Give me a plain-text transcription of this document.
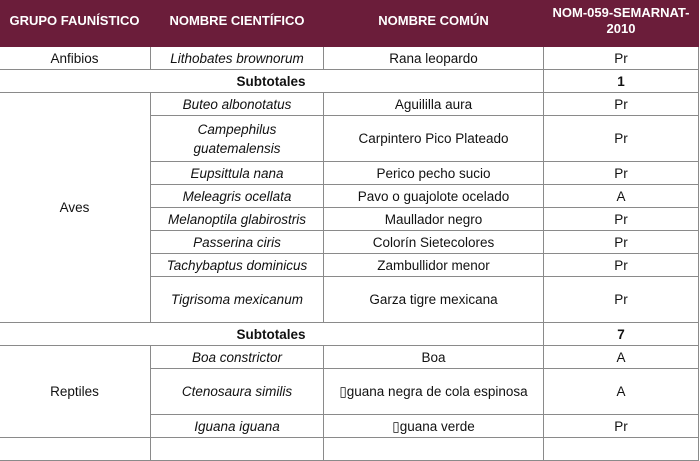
GRUPO FAUNÍSTICO	NOMBRE CIENTÍFICO	NOMBRE COMÚN	NOM-059-SEMARNAT-2010
Anfibios	Lithobates brownorum	Rana leopardo	Pr
Subtotales			1
Aves	Buteo albonotatus	Aguililla aura	Pr
	Campephilus guatemalensis	Carpintero Pico Plateado	Pr
	Eupsittula nana	Perico pecho sucio	Pr
	Meleagris ocellata	Pavo o guajolote ocelado	A
	Melanoptila glabirostris	Maullador negro	Pr
	Passerina ciris	Colorín Sietecolores	Pr
	Tachybaptus dominicus	Zambullidor menor	Pr
	Tigrisoma mexicanum	Garza tigre mexicana	Pr
Subtotales			7
Reptiles	Boa constrictor	Boa	A
	Ctenosaura similis	▯guana negra de cola espinosa	A
	Iguana iguana	▯guana verde	Pr
